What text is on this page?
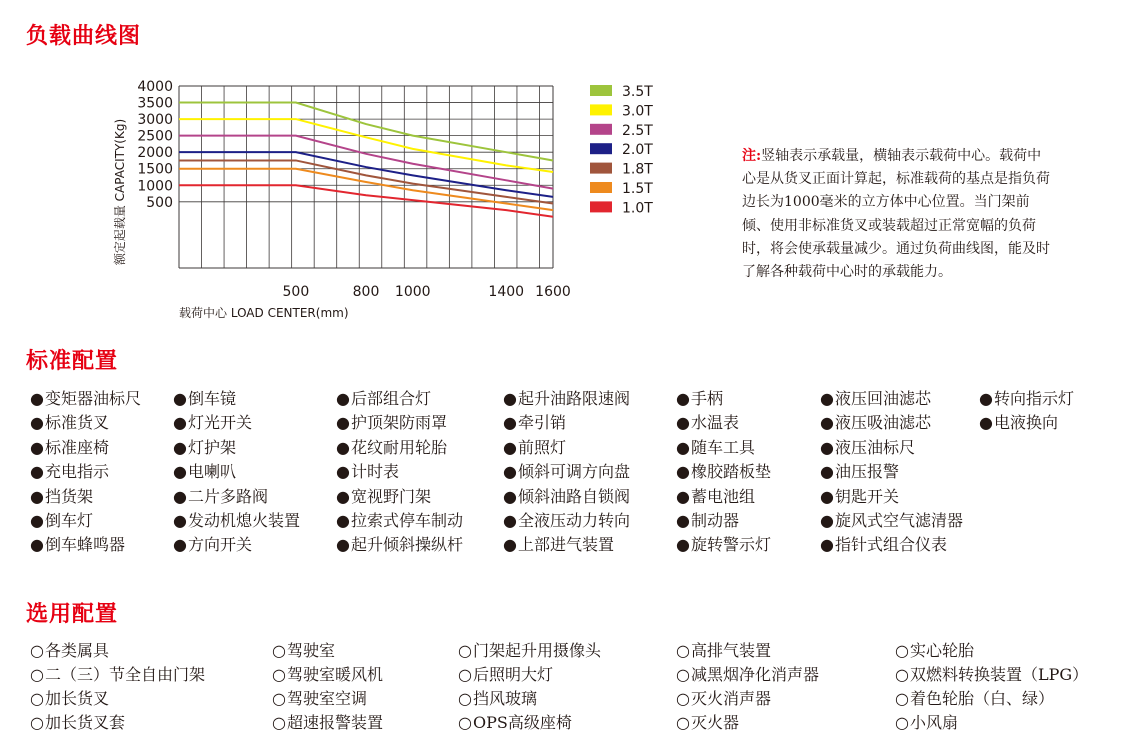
负载曲线图
4000
3500
3000
2500
2000
1500
1000
500
500	800 1000	1400 1600
额定起载量 CAPACITY(Kg)
载荷中心 LOAD CENTER(mm)
3.5T
3.0T
2.5T
2.0T
1.8T
1.5T
1.0T
注:竖轴表示承载量，横轴表示载荷中心。载荷中心是从货叉正面计算起，标准载荷的基点是指负荷边长为1000毫米的立方体中心位置。当门架前倾、使用非标准货叉或装载超过正常宽幅的负荷时，将会使承载量减少。通过负荷曲线图，能及时了解各种载荷中心时的承载能力。
标准配置
●变矩器油标尺
●标准货叉
●标准座椅
●充电指示
●挡货架
●倒车灯
●倒车蜂鸣器
●倒车镜
●灯光开关
●灯护架
●电喇叭
●二片多路阀
●发动机熄火装置
●方向开关
●后部组合灯
●护顶架防雨罩
●花纹耐用轮胎
●计时表
●宽视野门架
●拉索式停车制动
●起升倾斜操纵杆
●起升油路限速阀
●牵引销
●前照灯
●倾斜可调方向盘
●倾斜油路自锁阀
●全液压动力转向
●上部进气装置
●手柄
●水温表
●随车工具
●橡胶踏板垫
●蓄电池组
●制动器
●旋转警示灯
●液压回油滤芯
●液压吸油滤芯
●液压油标尺
●油压报警
●钥匙开关
●旋风式空气滤清器
●指针式组合仪表
●转向指示灯
●电液换向
选用配置
○各类属具
○二（三）节全自由门架
○加长货叉
○加长货叉套
○驾驶室
○驾驶室暖风机
○驾驶室空调
○超速报警装置
○门架起升用摄像头
○后照明大灯
○挡风玻璃
○OPS高级座椅
○高排气装置
○减黑烟净化消声器
○灭火消声器
○灭火器
○实心轮胎
○双燃料转换装置（LPG）
○着色轮胎（白、绿）
○小风扇
